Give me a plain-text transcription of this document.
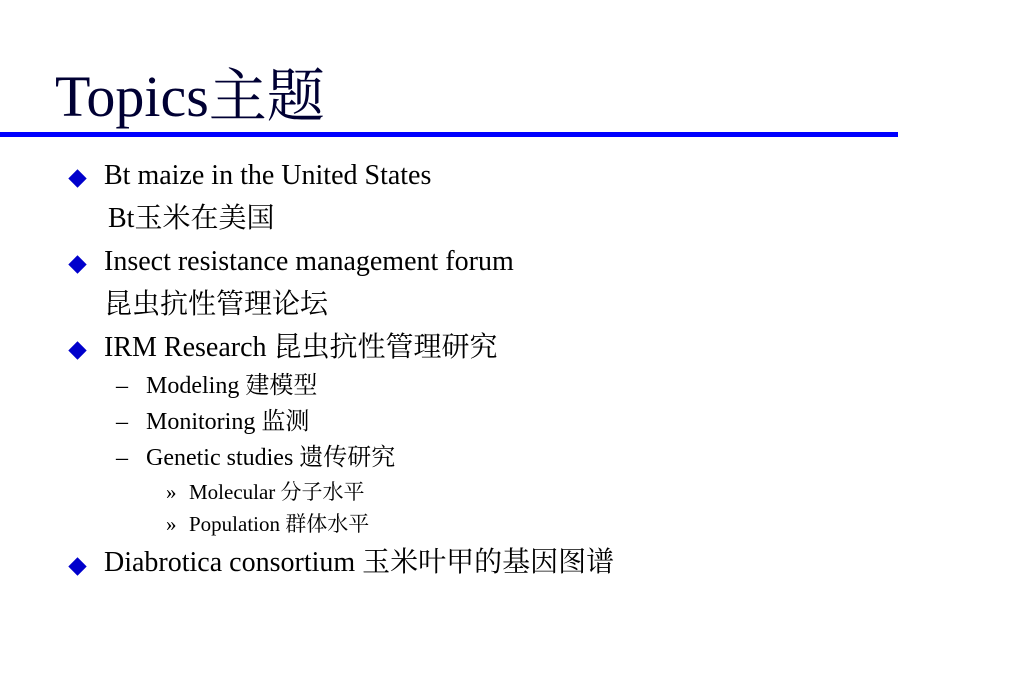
Topics主题
Bt maize in the United States
Bt玉米在美国
Insect resistance management forum
昆虫抗性管理论坛
IRM Research 昆虫抗性管理研究
– Modeling 建模型
– Monitoring 监测
– Genetic studies 遗传研究
» Molecular 分子水平
» Population 群体水平
Diabrotica consortium 玉米叶甲的基因图谱
